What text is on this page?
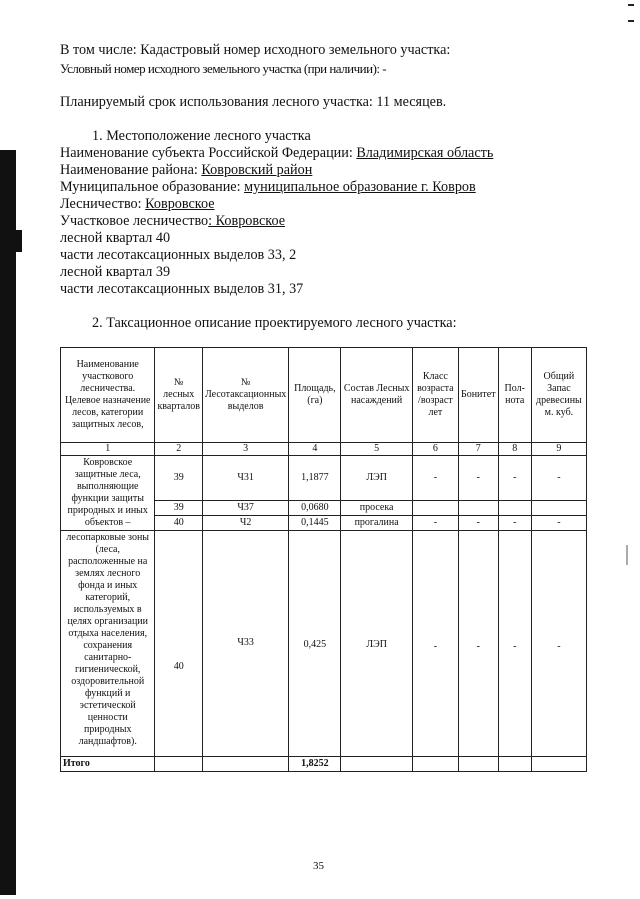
В том числе: Кадастровый номер исходного земельного участка:
Условный номер исходного земельного участка (при наличии): -
Планируемый срок использования лесного участка: 11 месяцев.
1. Местоположение лесного участка
Наименование субъекта Российской Федерации: Владимирская область
Наименование района: Ковровский район
Муниципальное образование: муниципальное образование г. Ковров
Лесничество: Ковровское
Участковое лесничество: Ковровское
лесной квартал 40
части лесотаксационных выделов 33, 2
лесной квартал 39
части лесотаксационных выделов 31, 37
2. Таксационное описание проектируемого лесного участка:
Наименование участкового лесничества. Целевое назначение лесов, категории защитных лесов,	№ лесных кварталов	№ Лесотаксационных выделов	Площадь, (га)	Состав Лесных насаждений	Класс возраста /возраст лет	Бонитет	Пол-нота	Общий Запас древесины м. куб.
1	2	3	4	5	6	7	8	9
Ковровское защитные леса, выполняющие функции защиты природных и иных объектов –	39	Ч31	1,1877	ЛЭП	-	-	-	-
	39	Ч37	0,0680	просека				
	40	Ч2	0,1445	прогалина	-	-	-	-
лесопарковые зоны (леса, расположенные на землях лесного фонда и иных категорий, используемых в целях организации отдыха населения, сохранения санитарно-гигиенической, оздоровительной функций и эстетической ценности природных ландшафтов).	40	Ч33	0,425	ЛЭП	-	-	-	-
Итого			1,8252					
35
